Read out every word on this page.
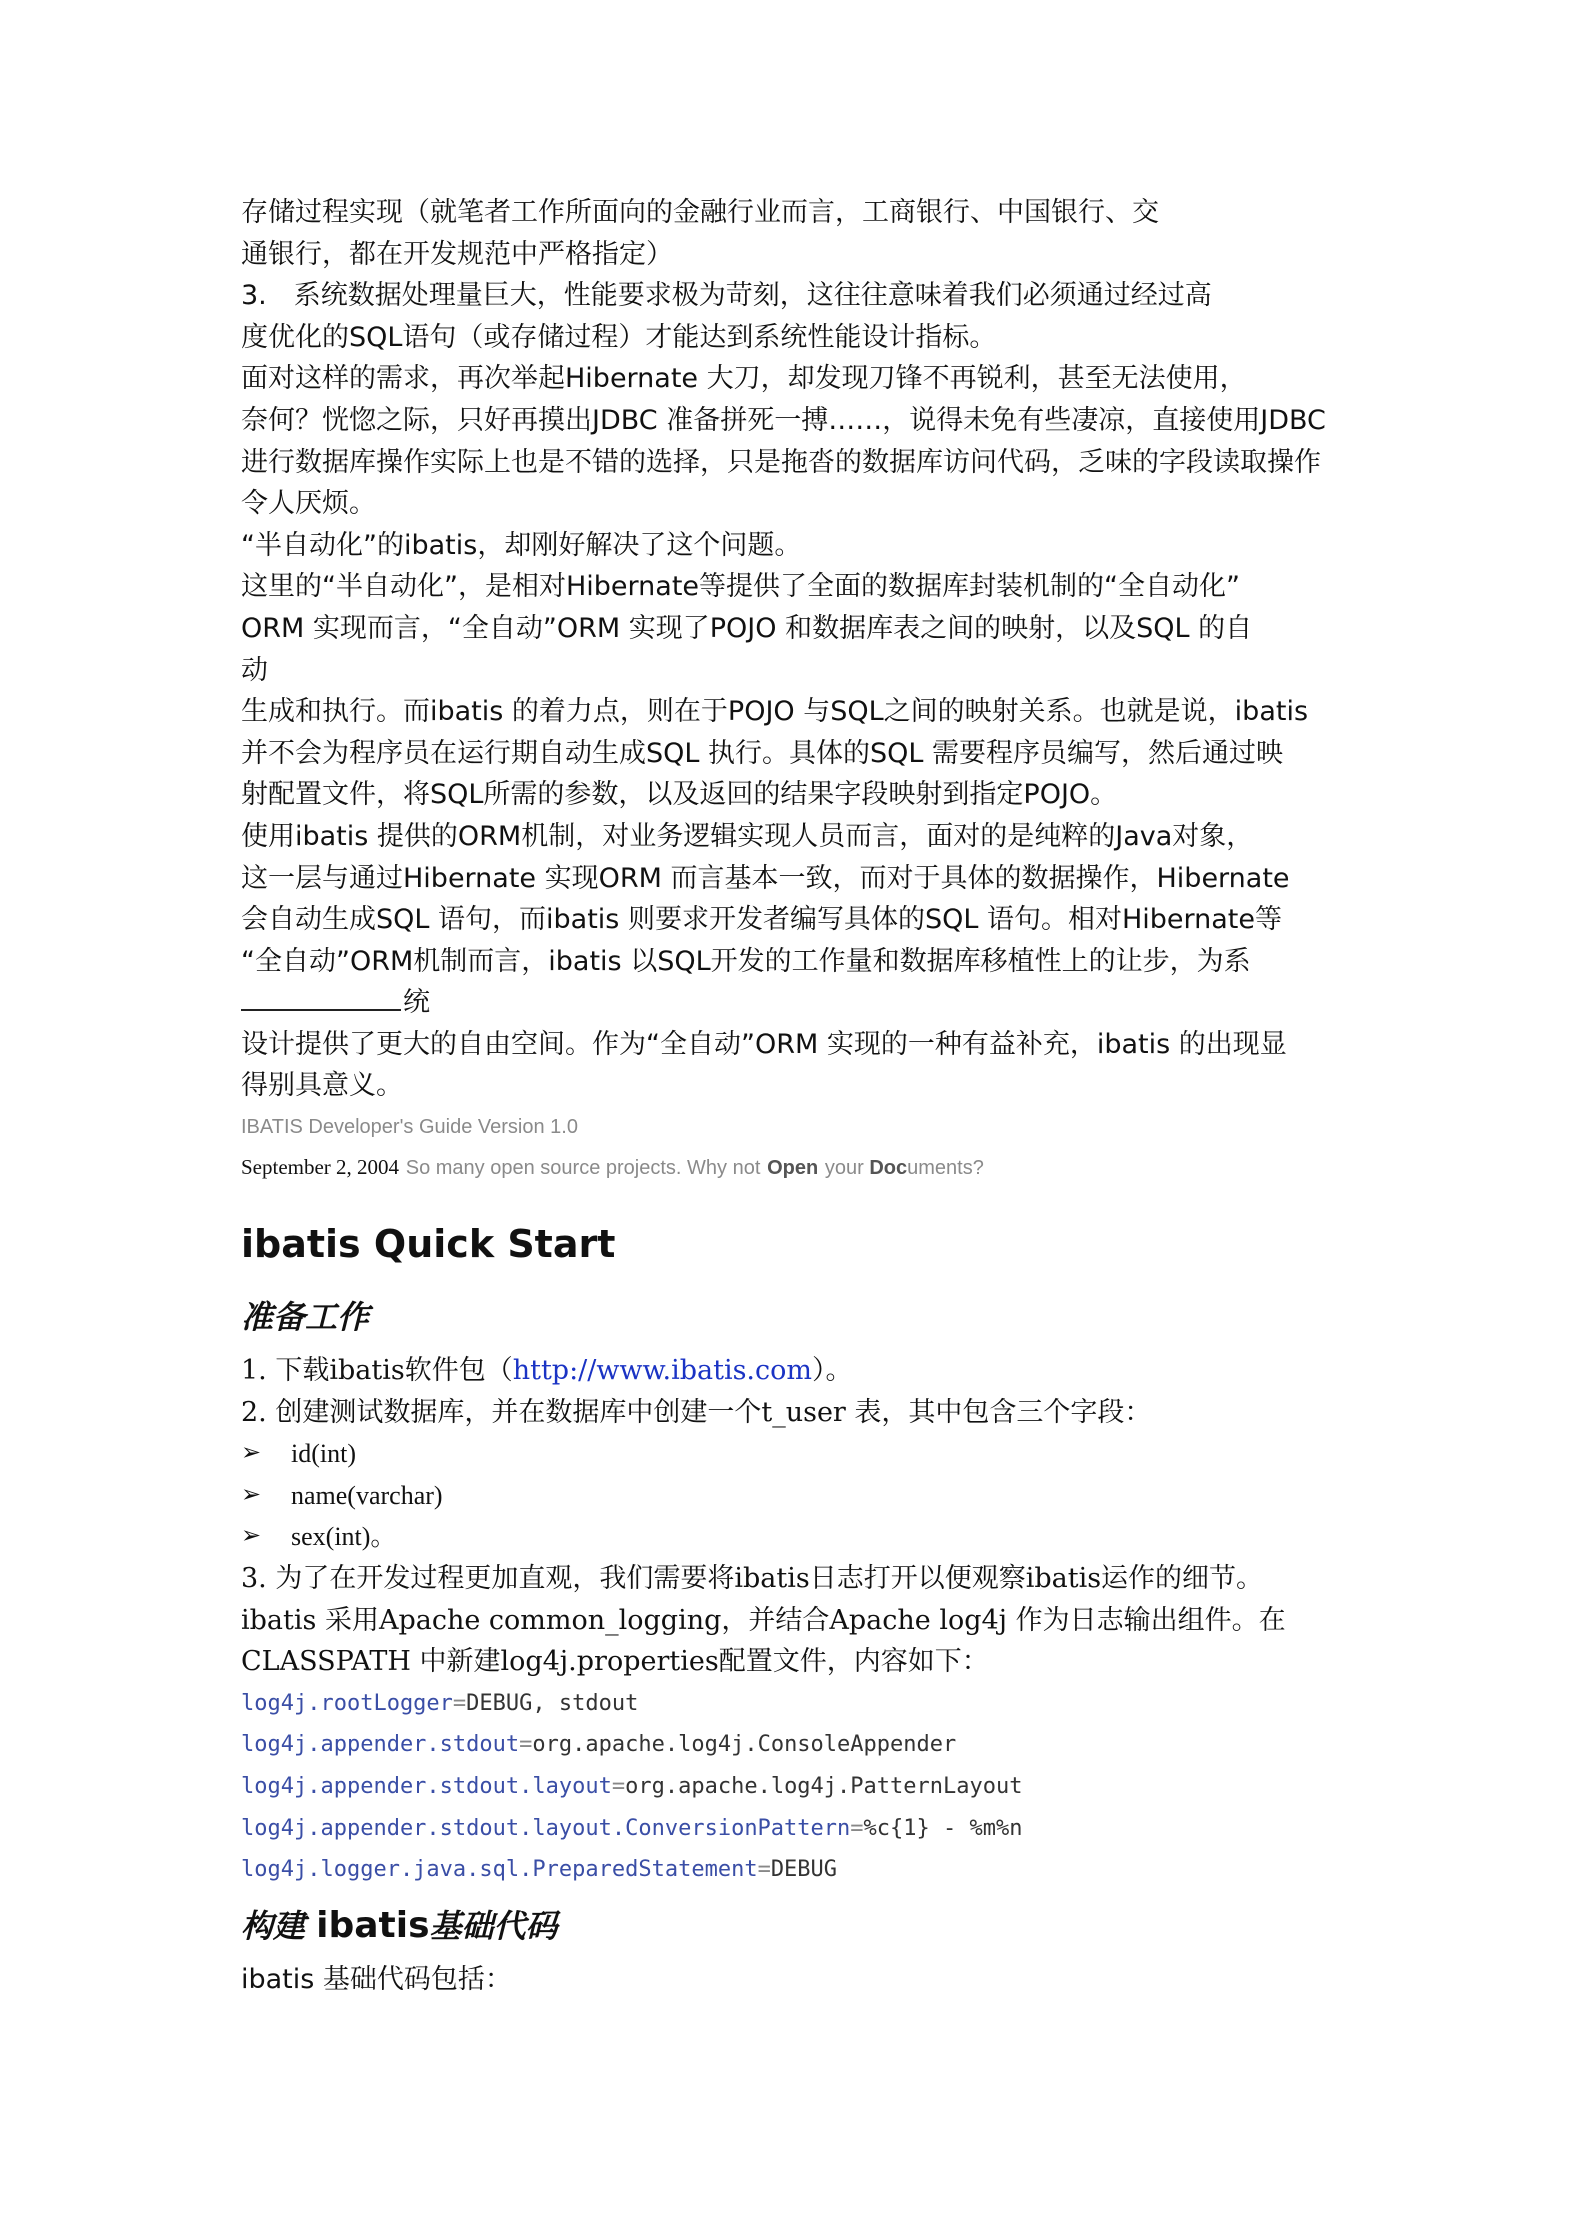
存储过程实现（就笔者工作所面向的金融行业而言，工商银行、中国银行、交

通银行，都在开发规范中严格指定）

3.　系统数据处理量巨大，性能要求极为苛刻，这往往意味着我们必须通过经过高

度优化的SQL语句（或存储过程）才能达到系统性能设计指标。

面对这样的需求，再次举起Hibernate 大刀，却发现刀锋不再锐利，甚至无法使用，

奈何？恍惚之际，只好再摸出JDBC 准备拼死一搏……，说得未免有些凄凉，直接使用JDBC

进行数据库操作实际上也是不错的选择，只是拖沓的数据库访问代码，乏味的字段读取操作

令人厌烦。

“半自动化”的ibatis，却刚好解决了这个问题。

这里的“半自动化”，是相对Hibernate等提供了全面的数据库封装机制的“全自动化”

ORM 实现而言，“全自动”ORM 实现了POJO 和数据库表之间的映射，以及SQL 的自

动

生成和执行。而ibatis 的着力点，则在于POJO 与SQL之间的映射关系。也就是说，ibatis

并不会为程序员在运行期自动生成SQL 执行。具体的SQL 需要程序员编写，然后通过映

射配置文件，将SQL所需的参数，以及返回的结果字段映射到指定POJO。

使用ibatis 提供的ORM机制，对业务逻辑实现人员而言，面对的是纯粹的Java对象，

这一层与通过Hibernate 实现ORM 而言基本一致，而对于具体的数据操作，Hibernate

会自动生成SQL 语句，而ibatis 则要求开发者编写具体的SQL 语句。相对Hibernate等

“全自动”ORM机制而言，ibatis 以SQL开发的工作量和数据库移植性上的让步，为系

统

设计提供了更大的自由空间。作为“全自动”ORM 实现的一种有益补充，ibatis 的出现显

得别具意义。

IBATIS Developer's Guide Version 1.0

September 2, 2004 So many open source projects. Why not Open your Documents?

ibatis Quick Start
准备工作

1. 下载ibatis软件包（http://www.ibatis.com）。

2. 创建测试数据库，并在数据库中创建一个t_user 表，其中包含三个字段：

➢	id(int)
➢	name(varchar)
➢	sex(int)。

3. 为了在开发过程更加直观，我们需要将ibatis日志打开以便观察ibatis运作的细节。

ibatis 采用Apache common_logging，并结合Apache log4j 作为日志输出组件。在

CLASSPATH 中新建log4j.properties配置文件，内容如下：

log4j.rootLogger=DEBUG, stdout

log4j.appender.stdout=org.apache.log4j.ConsoleAppender

log4j.appender.stdout.layout=org.apache.log4j.PatternLayout

log4j.appender.stdout.layout.ConversionPattern=%c{1} - %m%n

log4j.logger.java.sql.PreparedStatement=DEBUG

构建 ibatis基础代码

ibatis 基础代码包括：
